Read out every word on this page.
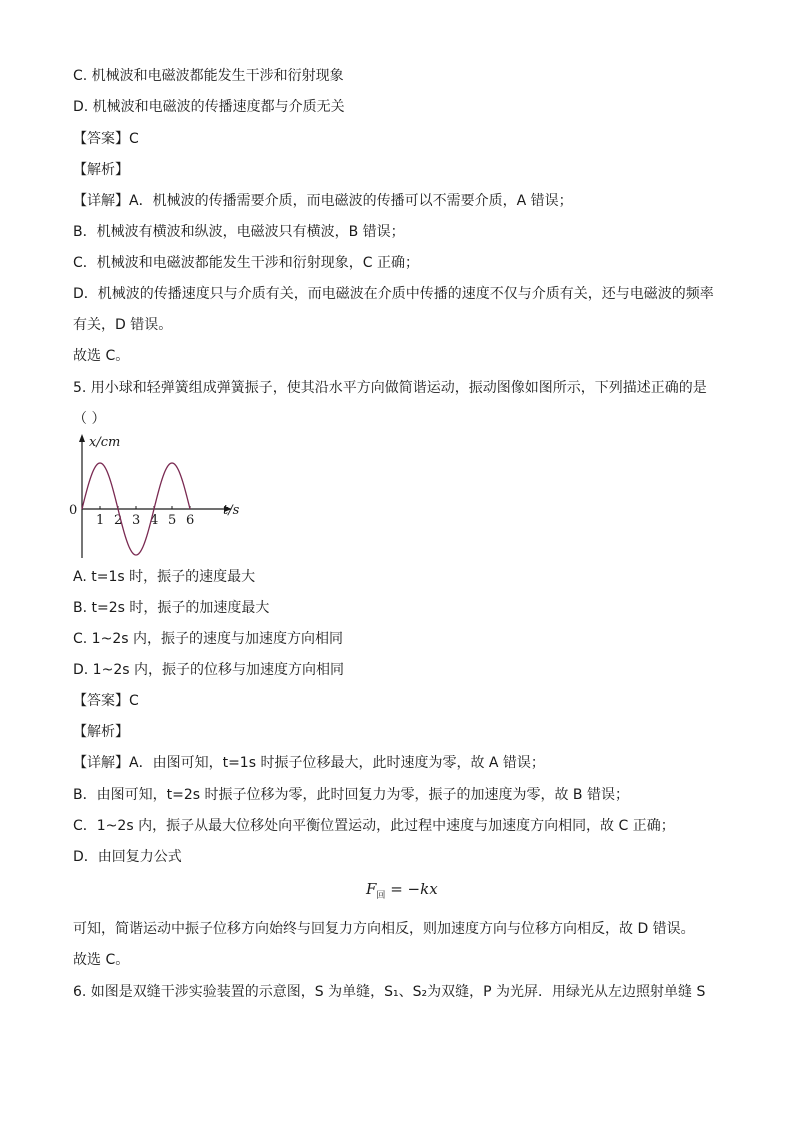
C. 机械波和电磁波都能发生干涉和衍射现象
D. 机械波和电磁波的传播速度都与介质无关
【答案】C
【解析】
【详解】A．机械波的传播需要介质，而电磁波的传播可以不需要介质，A 错误；
B．机械波有横波和纵波，电磁波只有横波，B 错误；
C．机械波和电磁波都能发生干涉和衍射现象，C 正确；
D．机械波的传播速度只与介质有关，而电磁波在介质中传播的速度不仅与介质有关，还与电磁波的频率
有关，D 错误。
故选 C。
5. 用小球和轻弹簧组成弹簧振子，使其沿水平方向做简谐运动，振动图像如图所示，下列描述正确的是
（ ）
x/cm
t/s
0
1 2 3 4 5 6
A. t=1s 时，振子的速度最大
B. t=2s 时，振子的加速度最大
C. 1~2s 内，振子的速度与加速度方向相同
D. 1~2s 内，振子的位移与加速度方向相同
【答案】C
【解析】
【详解】A．由图可知，t=1s 时振子位移最大，此时速度为零，故 A 错误；
B．由图可知，t=2s 时振子位移为零，此时回复力为零，振子的加速度为零，故 B 错误；
C．1~2s 内，振子从最大位移处向平衡位置运动，此过程中速度与加速度方向相同，故 C 正确；
D．由回复力公式
$F_回 = -kx$
可知，简谐运动中振子位移方向始终与回复力方向相反，则加速度方向与位移方向相反，故 D 错误。
故选 C。
6. 如图是双缝干涉实验装置的示意图，S 为单缝，S₁、S₂为双缝，P 为光屏．用绿光从左边照射单缝 S
